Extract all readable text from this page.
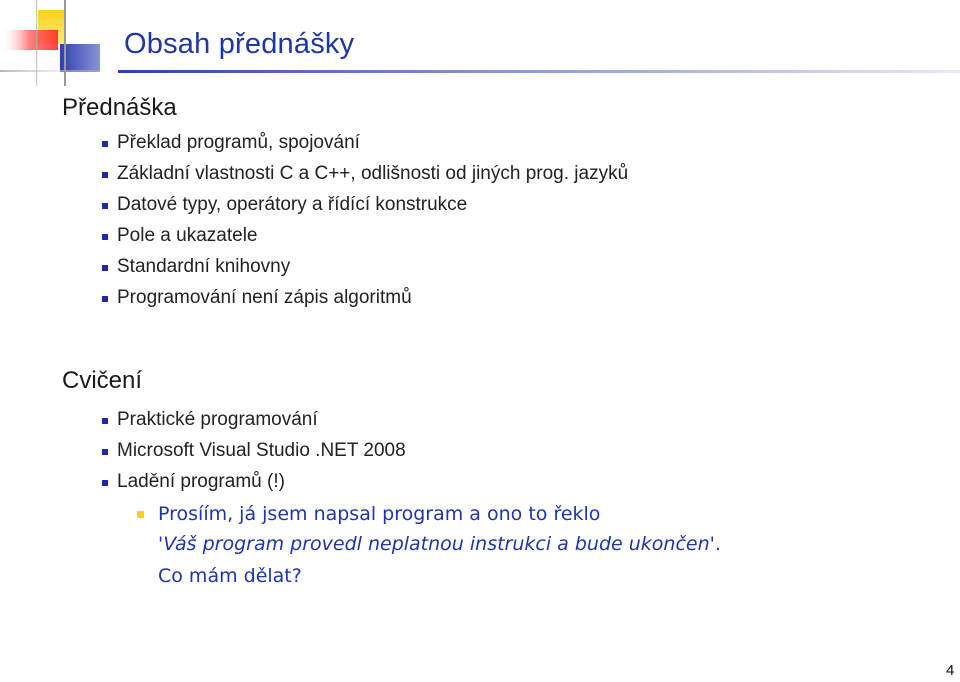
Obsah přednášky
Přednáška
Překlad programů, spojování
Základní vlastnosti C a C++, odlišnosti od jiných prog. jazyků
Datové typy, operátory a řídící konstrukce
Pole a ukazatele
Standardní knihovny
Programování není zápis algoritmů
Cvičení
Praktické programování
Microsoft Visual Studio .NET 2008
Ladění programů (!)
Prosíím, já jsem napsal program a ono to řeklo
'Váš program provedl neplatnou instrukci a bude ukončen'.
Co mám dělat?
4
